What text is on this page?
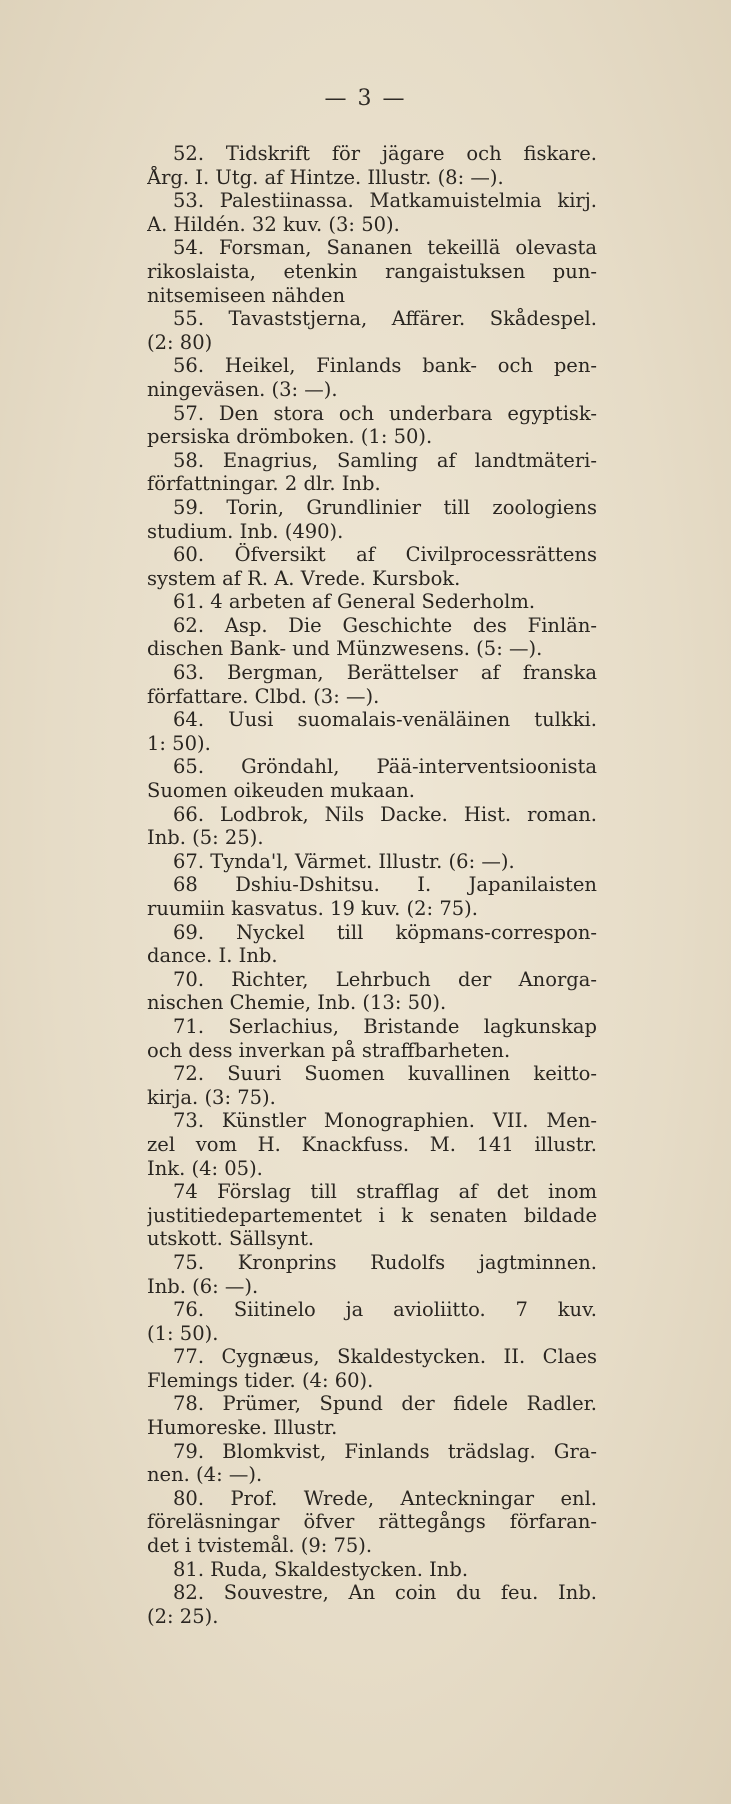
— 3 —
52. Tidskrift för jägare och fiskare.
Årg. I. Utg. af Hintze. Illustr. (8: —).
53. Palestiinassa. Matkamuistelmia kirj.
A. Hildén. 32 kuv. (3: 50).
54. Forsman, Sananen tekeillä olevasta
rikoslaista, etenkin rangaistuksen pun-
nitsemiseen nähden
55. Tavaststjerna, Affärer. Skådespel.
(2: 80)
56. Heikel, Finlands bank- och pen-
ningeväsen. (3: —).
57. Den stora och underbara egyptisk-
persiska drömboken. (1: 50).
58. Enagrius, Samling af landtmäteri-
författningar. 2 dlr. Inb.
59. Torin, Grundlinier till zoologiens
studium. Inb. (490).
60. Öfversikt af Civilprocessrättens
system af R. A. Vrede. Kursbok.
61. 4 arbeten af General Sederholm.
62. Asp. Die Geschichte des Finlän-
dischen Bank- und Münzwesens. (5: —).
63. Bergman, Berättelser af franska
författare. Clbd. (3: —).
64. Uusi suomalais-venäläinen tulkki.
1: 50).
65. Gröndahl, Pää-interventsioonista
Suomen oikeuden mukaan.
66. Lodbrok, Nils Dacke. Hist. roman.
Inb. (5: 25).
67. Tynda'l, Värmet. Illustr. (6: —).
68 Dshiu-Dshitsu. I. Japanilaisten
ruumiin kasvatus. 19 kuv. (2: 75).
69. Nyckel till köpmans-correspon-
dance. I. Inb.
70. Richter, Lehrbuch der Anorga-
nischen Chemie, Inb. (13: 50).
71. Serlachius, Bristande lagkunskap
och dess inverkan på straffbarheten.
72. Suuri Suomen kuvallinen keitto-
kirja. (3: 75).
73. Künstler Monographien. VII. Men-
zel vom H. Knackfuss. M. 141 illustr.
Ink. (4: 05).
74 Förslag till strafflag af det inom
justitiedepartementet i k senaten bildade
utskott. Sällsynt.
75. Kronprins Rudolfs jagtminnen.
Inb. (6: —).
76. Siitinelo ja avioliitto. 7 kuv.
(1: 50).
77. Cygnæus, Skaldestycken. II. Claes
Flemings tider. (4: 60).
78. Prümer, Spund der fidele Radler.
Humoreske. Illustr.
79. Blomkvist, Finlands trädslag. Gra-
nen. (4: —).
80. Prof. Wrede, Anteckningar enl.
föreläsningar öfver rättegångs förfaran-
det i tvistemål. (9: 75).
81. Ruda, Skaldestycken. Inb.
82. Souvestre, An coin du feu. Inb.
(2: 25).
